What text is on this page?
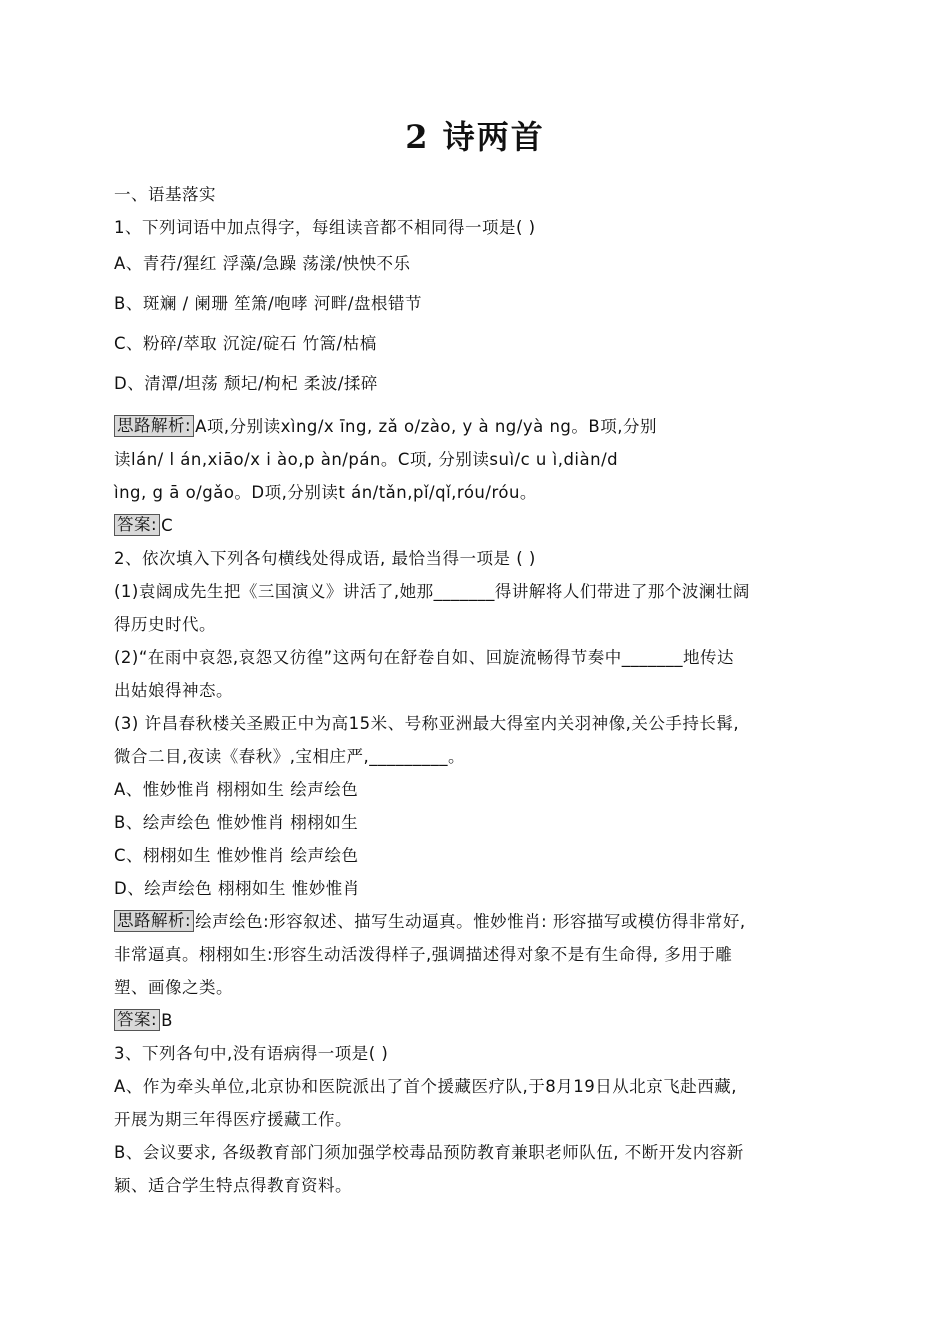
2 诗两首
一、语基落实
1、下列词语中加点得字，每组读音都不相同得一项是( )
A、青荇/猩红 浮藻/急躁 荡漾/怏怏不乐
B、斑斓 / 阑珊 笙箫/咆哮 河畔/盘根错节
C、粉碎/萃取 沉淀/碇石 竹篙/枯槁
D、清潭/坦荡 颓圮/枸杞 柔波/揉碎
思路解析: A项,分别读xìng/x īng, zǎ o/zào, y à ng/yà ng。B项,分别
读lán/ l án,xiāo/x i ào,p àn/pán。C项, 分别读suì/c u ì,diàn/d
ìng, g ā o/gǎo。D项,分别读t án/tǎn,pǐ/qǐ,róu/róu。
答案: C
2、依次填入下列各句横线处得成语, 最恰当得一项是 ( )
(1)袁阔成先生把《三国演义》讲活了,她那_______得讲解将人们带进了那个波澜壮阔
得历史时代。
(2)“在雨中哀怨,哀怨又彷徨”这两句在舒卷自如、回旋流畅得节奏中_______地传达
出姑娘得神态。
(3) 许昌春秋楼关圣殿正中为高15米、号称亚洲最大得室内关羽神像,关公手持长髯,
微合二目,夜读《春秋》,宝相庄严,_________。
A、惟妙惟肖 栩栩如生 绘声绘色
B、绘声绘色 惟妙惟肖 栩栩如生
C、栩栩如生 惟妙惟肖 绘声绘色
D、绘声绘色 栩栩如生 惟妙惟肖
思路解析:绘声绘色:形容叙述、描写生动逼真。惟妙惟肖: 形容描写或模仿得非常好,
非常逼真。栩栩如生:形容生动活泼得样子,强调描述得对象不是有生命得, 多用于雕
塑、画像之类。
答案: B
3、下列各句中,没有语病得一项是( )
A、作为牵头单位,北京协和医院派出了首个援藏医疗队,于8月19日从北京飞赴西藏,
开展为期三年得医疗援藏工作。
B、会议要求, 各级教育部门须加强学校毒品预防教育兼职老师队伍, 不断开发内容新
颖、适合学生特点得教育资料。
